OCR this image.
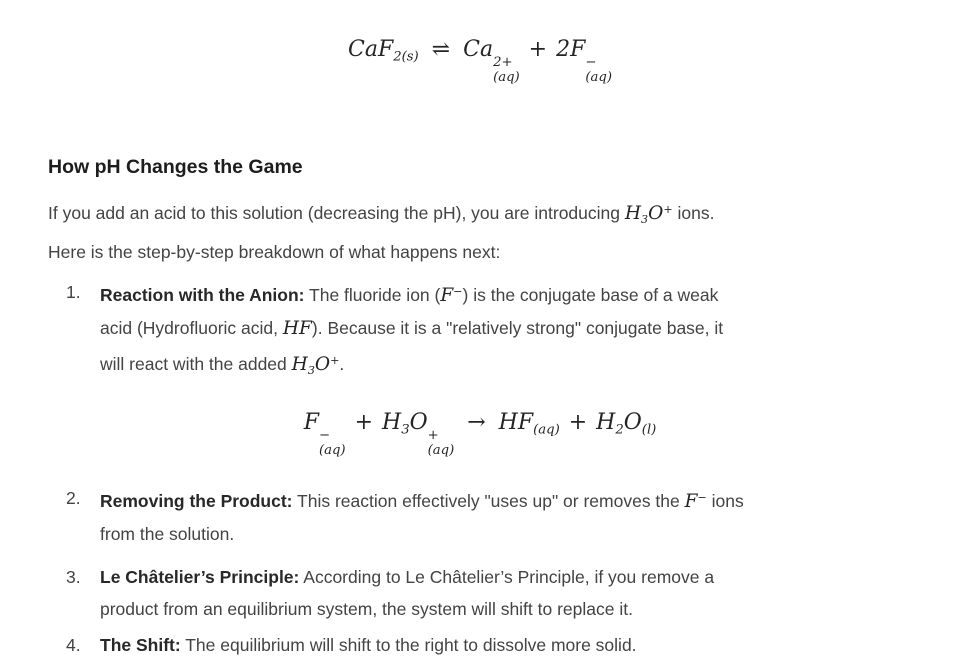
CaF$_{2(s)}$ ⇌ Ca
2+
(aq)
+ 2F
−
(aq)
How pH Changes the Game

If you add an acid to this solution (decreasing the pH), you are introducing $H_3O^+$ ions.
Here is the step-by-step breakdown of what happens next:

1.	Reaction with the Anion: The fluoride ion (F−) is the conjugate base of a weak
acid (Hydrofluoric acid, HF). Because it is a "relatively strong" conjugate base, it
will react with the added $H_3O^+$.
F
−
(aq)
+ $H_3O$
+
(aq)
→ $HF_{(aq)} + H_2O_{(l)}$
2.	Removing the Product: This reaction effectively "uses up" or removes the F− ions
from the solution.
3.	Le Châtelier’s Principle: According to Le Châtelier’s Principle, if you remove a
product from an equilibrium system, the system will shift to replace it.
4.	The Shift: The equilibrium will shift to the right to dissolve more solid.
